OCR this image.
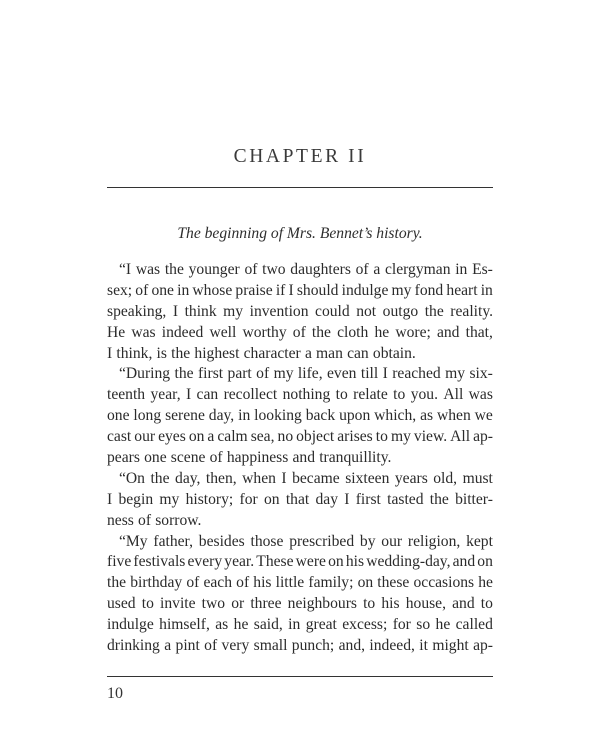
CHAPTER II
The beginning of Mrs. Bennet’s history.
“I was the younger of two daughters of a clergyman in Es-
sex; of one in whose praise if I should indulge my fond heart in
speaking, I think my invention could not outgo the reality.
He was indeed well worthy of the cloth he wore; and that,
I think, is the highest character a man can obtain.
“During the first part of my life, even till I reached my six-
teenth year, I can recollect nothing to relate to you. All was
one long serene day, in looking back upon which, as when we
cast our eyes on a calm sea, no object arises to my view. All ap-
pears one scene of happiness and tranquillity.
“On the day, then, when I became sixteen years old, must
I begin my history; for on that day I first tasted the bitter-
ness of sorrow.
“My father, besides those prescribed by our religion, kept
five festivals every year. These were on his wedding-day, and on
the birthday of each of his little family; on these occasions he
used to invite two or three neighbours to his house, and to
indulge himself, as he said, in great excess; for so he called
drinking a pint of very small punch; and, indeed, it might ap-
10
